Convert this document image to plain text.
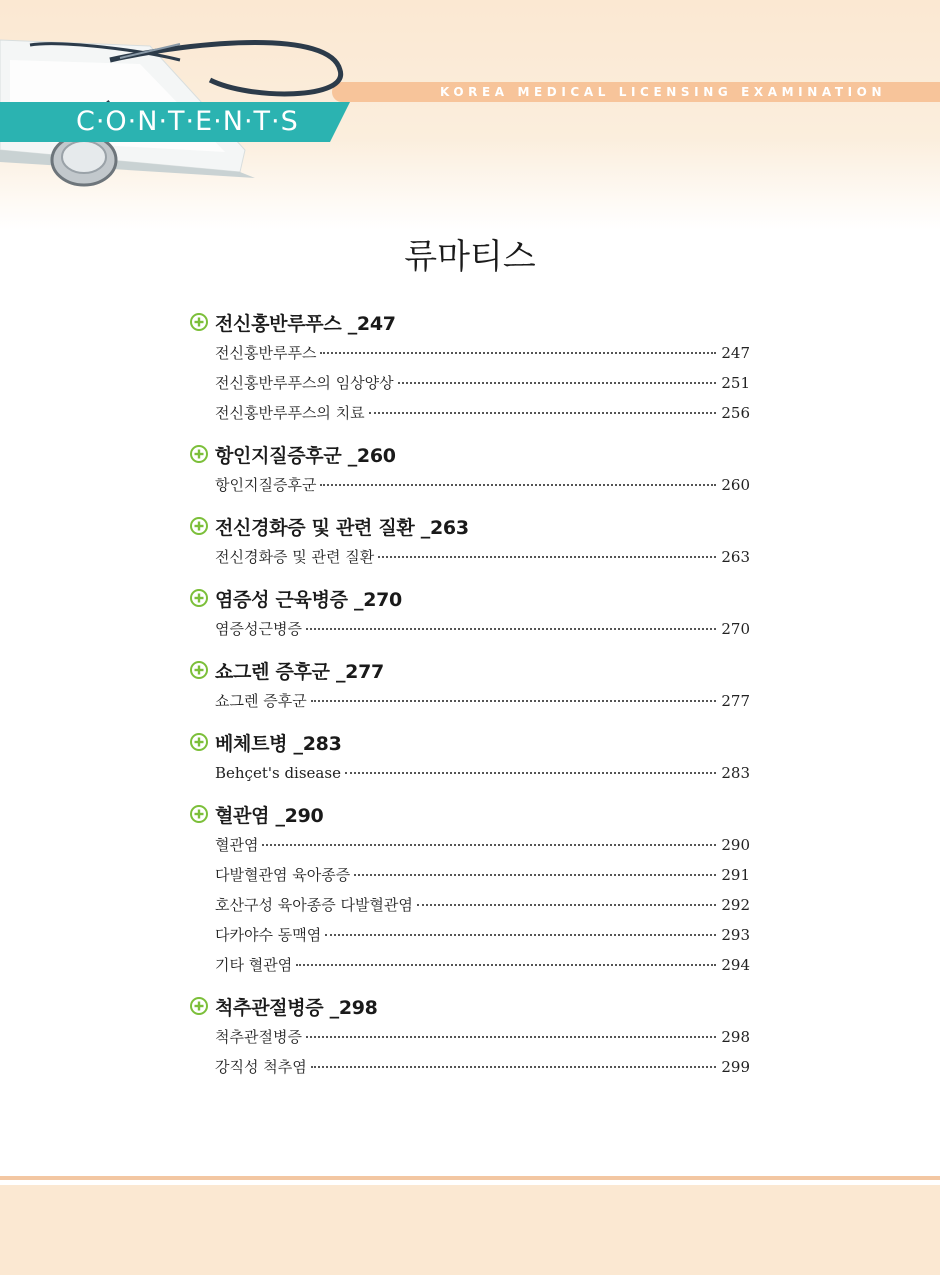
KOREA MEDICAL LICENSING EXAMINATION
C·O·N·T·E·N·T·S
류마티스
전신홍반루푸스 _247
전신홍반루푸스	247
전신홍반루푸스의 임상양상	251
전신홍반루푸스의 치료	256
항인지질증후군 _260
항인지질증후군	260
전신경화증 및 관련 질환 _263
전신경화증 및 관련 질환	263
염증성 근육병증 _270
염증성근병증	270
쇼그렌 증후군 _277
쇼그렌 증후군	277
베체트병 _283
Behçet's disease	283
혈관염 _290
혈관염	290
다발혈관염 육아종증	291
호산구성 육아종증 다발혈관염	292
다카야수 동맥염	293
기타 혈관염	294
척추관절병증 _298
척추관절병증	298
강직성 척추염	299
